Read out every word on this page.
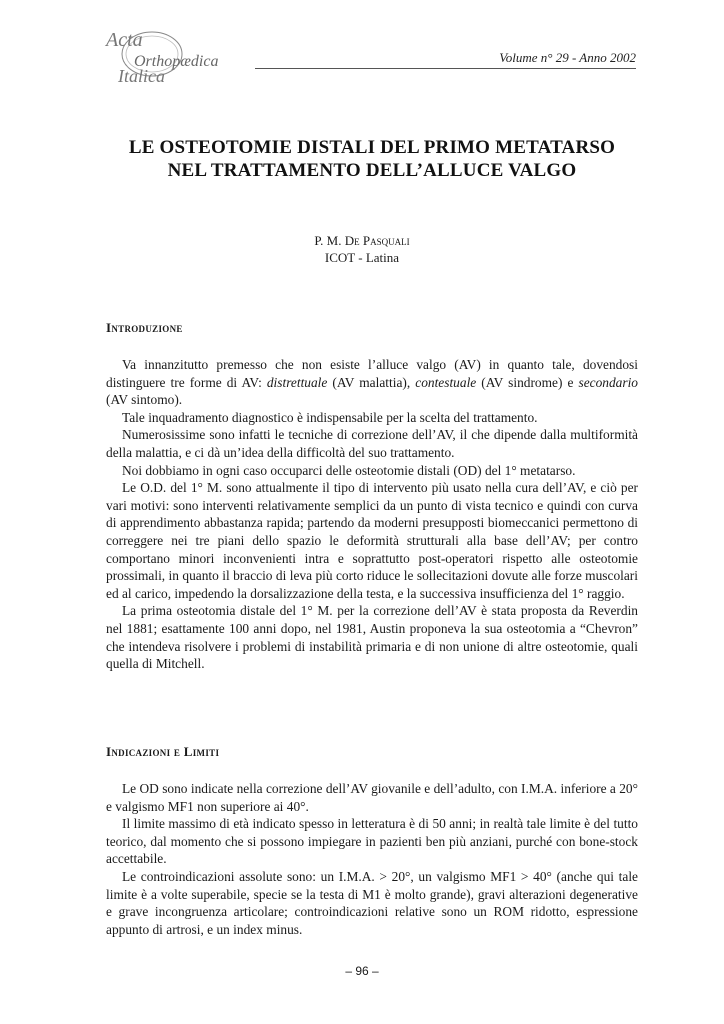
Acta
Orthopædica
Italica
Volume n° 29 - Anno 2002
LE OSTEOTOMIE DISTALI DEL PRIMO METATARSO
NEL TRATTAMENTO DELL’ALLUCE VALGO
P. M. De Pasquali
ICOT - Latina
Introduzione

Va innanzitutto premesso che non esiste l’alluce valgo (AV) in quanto tale, dovendosi distinguere tre forme di AV: distrettuale (AV malattia), contestuale (AV sindrome) e secondario (AV sintomo).

Tale inquadramento diagnostico è indispensabile per la scelta del trattamento.

Numerosissime sono infatti le tecniche di correzione dell’AV, il che dipende dalla multiformità della malattia, e ci dà un’idea della difficoltà del suo trattamento.

Noi dobbiamo in ogni caso occuparci delle osteotomie distali (OD) del 1° metatarso.

Le O.D. del 1° M. sono attualmente il tipo di intervento più usato nella cura dell’AV, e ciò per vari motivi: sono interventi relativamente semplici da un punto di vista tecnico e quindi con curva di apprendimento abbastanza rapida; partendo da moderni presupposti biomeccanici permettono di correggere nei tre piani dello spazio le deformità strutturali alla base dell’AV; per contro comportano minori inconvenienti intra e soprattutto post-operatori rispetto alle osteotomie prossimali, in quanto il braccio di leva più corto riduce le sollecitazioni dovute alle forze muscolari ed al carico, impedendo la dorsalizzazione della testa, e la successiva insufficienza del 1° raggio.

La prima osteotomia distale del 1° M. per la correzione dell’AV è stata proposta da Reverdin nel 1881; esattamente 100 anni dopo, nel 1981, Austin proponeva la sua osteotomia a “Chevron” che intendeva risolvere i problemi di instabilità primaria e di non unione di altre osteotomie, quali quella di Mitchell.

Indicazioni e Limiti

Le OD sono indicate nella correzione dell’AV giovanile e dell’adulto, con I.M.A. inferiore a 20° e valgismo MF1 non superiore ai 40°.

Il limite massimo di età indicato spesso in letteratura è di 50 anni; in realtà tale limite è del tutto teorico, dal momento che si possono impiegare in pazienti ben più anziani, purché con bone-stock accettabile.

Le controindicazioni assolute sono: un I.M.A. > 20°, un valgismo MF1 > 40° (anche qui tale limite è a volte superabile, specie se la testa di M1 è molto grande), gravi alterazioni degenerative e grave incongruenza articolare; controindicazioni relative sono un ROM ridotto, espressione appunto di artrosi, e un index minus.

– 96 –
